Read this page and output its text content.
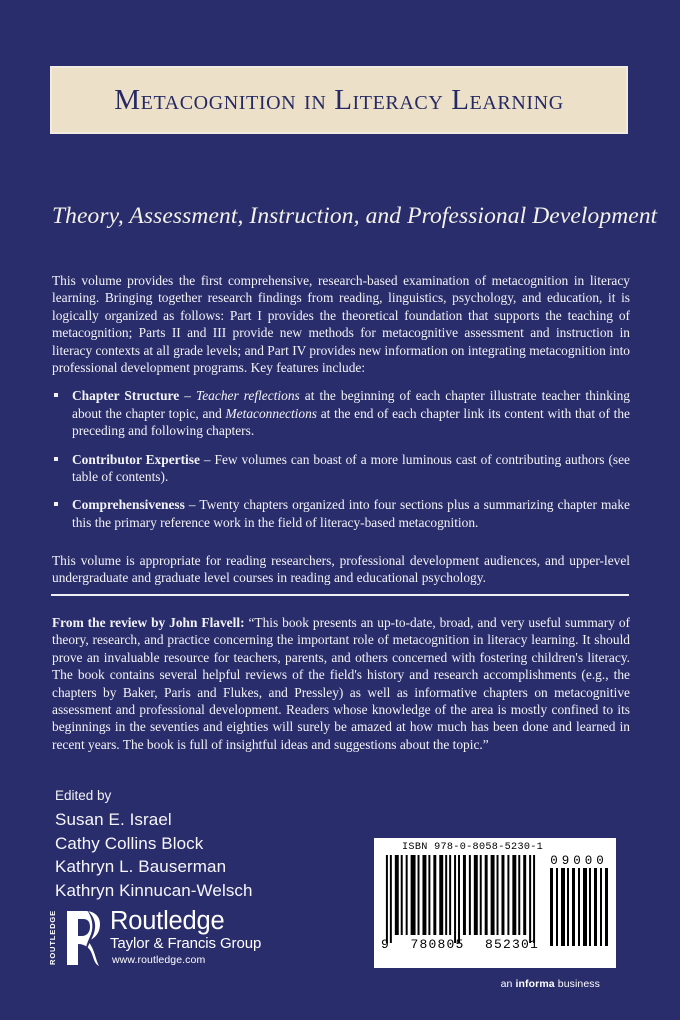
Metacognition in Literacy Learning
Theory, Assessment, Instruction, and Professional Development

This volume provides the first comprehensive, research-based examination of metacognition in literacy learning. Bringing together research findings from reading, linguistics, psychology, and education, it is logically organized as follows: Part I provides the theoretical foundation that supports the teaching of metacognition; Parts II and III provide new methods for metacognitive assessment and instruction in literacy contexts at all grade levels; and Part IV provides new information on integrating metacognition into professional development programs. Key features include:

Chapter Structure – Teacher reflections at the beginning of each chapter illustrate teacher thinking about the chapter topic, and Metaconnections at the end of each chapter link its content with that of the preceding and following chapters.
Contributor Expertise – Few volumes can boast of a more luminous cast of contributing authors (see table of contents).
Comprehensiveness – Twenty chapters organized into four sections plus a summarizing chapter make this the primary reference work in the field of literacy-based metacognition.

This volume is appropriate for reading researchers, professional development audiences, and upper-level undergraduate and graduate level courses in reading and educational psychology.

From the review by John Flavell: “This book presents an up-to-date, broad, and very useful summary of theory, research, and practice concerning the important role of metacognition in literacy learning. It should prove an invaluable resource for teachers, parents, and others concerned with fostering children's literacy. The book contains several helpful reviews of the field's history and research accomplishments (e.g., the chapters by Baker, Paris and Flukes, and Pressley) as well as informative chapters on metacognitive assessment and professional development. Readers whose knowledge of the area is mostly confined to its beginnings in the seventies and eighties will surely be amazed at how much has been done and learned in recent years. The book is full of insightful ideas and suggestions about the topic.”

Edited by
Susan E. Israel
Cathy Collins Block
Kathryn L. Bauserman
Kathryn Kinnucan-Welsch
ROUTLEDGE Routledge
Taylor & Francis Group
www.routledge.com
ISBN 978-0-8058-5230-1
9 780805 852301
09000
an informa business
